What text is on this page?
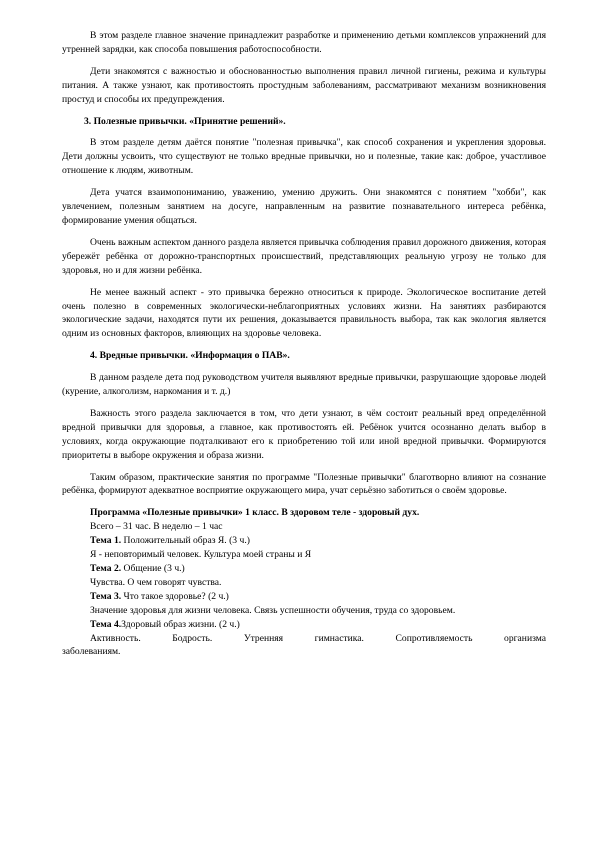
В этом разделе главное значение принадлежит разработке и применению детьми комплексов упражнений для утренней зарядки, как способа повышения работоспособности.

Дети знакомятся с важностью и обоснованностью выполнения правил личной гигиены, режима и культуры питания. А также узнают, как противостоять простудным заболеваниям, рассматривают механизм возникновения простуд и способы их предупреждения.

3. Полезные привычки. «Принятие решений».

В этом разделе детям даётся понятие "полезная привычка", как способ сохранения и укрепления здоровья. Дети должны усвоить, что существуют не только вредные привычки, но и полезные, такие как: доброе, участливое отношение к людям, животным.

Дета учатся взаимопониманию, уважению, умению дружить. Они знакомятся с понятием "хобби", как увлечением, полезным занятием на досуге, направленным на развитие познавательного интереса ребёнка, формирование умения общаться.

Очень важным аспектом данного раздела является привычка соблюдения правил дорожного движения, которая убережёт ребёнка от дорожно-транспортных происшествий, представляющих реальную угрозу не только для здоровья, но и для жизни ребёнка.

Не менее важный аспект - это привычка бережно относиться к природе. Экологическое воспитание детей очень полезно в современных экологически-неблагоприятных условиях жизни. На занятиях разбираются экологические задачи, находятся пути их решения, доказывается правильность выбора, так как экология является одним из основных факторов, влияющих на здоровье человека.

4. Вредные привычки. «Информация о ПАВ».

В данном разделе дета под руководством учителя выявляют вредные привычки, разрушающие здоровье людей (курение, алкоголизм, наркомания и т. д.)

Важность этого раздела заключается в том, что дети узнают, в чём состоит реальный вред определённой вредной привычки для здоровья, а главное, как противостоять ей. Ребёнок учится осознанно делать выбор в условиях, когда окружающие подталкивают его к приобретению той или иной вредной привычки. Формируются приоритеты в выборе окружения и образа жизни.

Таким образом, практические занятия по программе "Полезные привычки" благотворно влияют на сознание ребёнка, формируют адекватное восприятие окружающего мира, учат серьёзно заботиться о своём здоровье.

Программа «Полезные привычки» 1 класс. В здоровом теле - здоровый дух.
Всего – 31 час. В неделю – 1 час
Тема 1. Положительный образ Я. (3 ч.)
Я - неповторимый человек. Культура моей страны и Я
Тема 2. Общение (3 ч.)
Чувства. О чем говорят чувства.
Тема 3. Что такое здоровье? (2 ч.)
Значение здоровья для жизни человека. Связь успешности обучения, труда со здоровьем.
Тема 4.Здоровый образ жизни. (2 ч.)
Активность. Бодрость. Утренняя гимнастика. Сопротивляемость организма
заболеваниям.
